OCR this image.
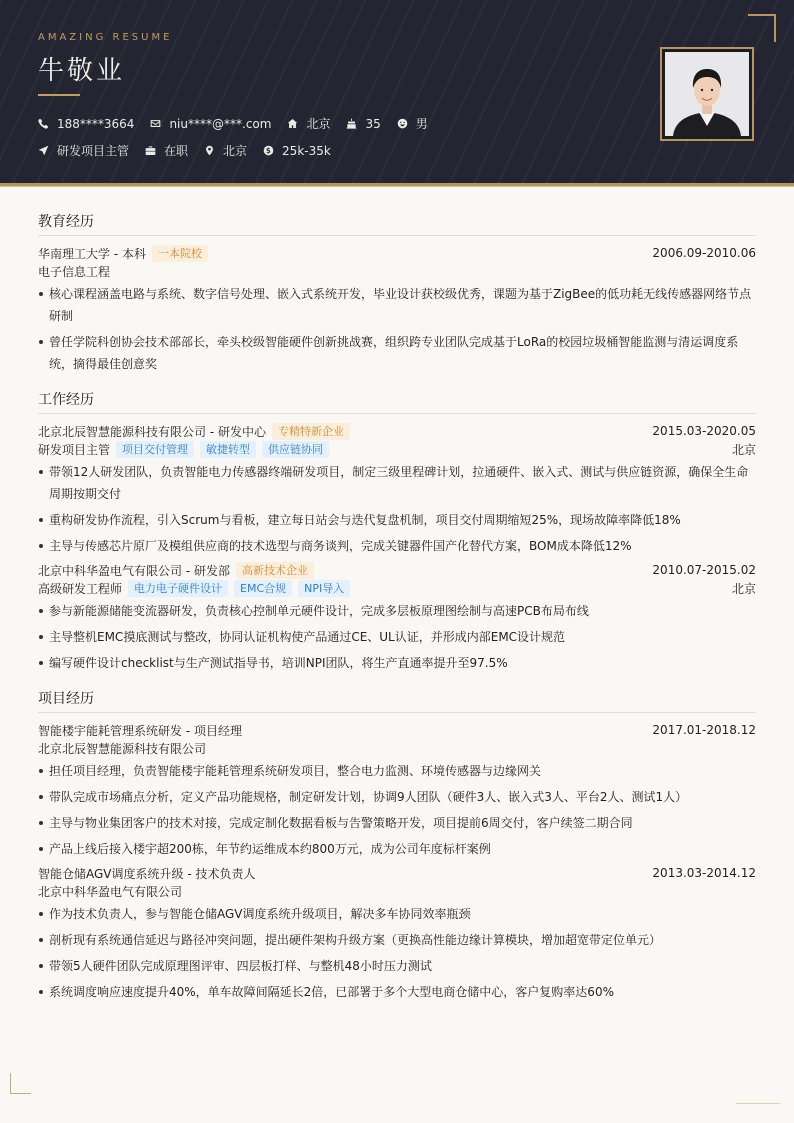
AMAZING RESUME
牛敬业
188****3664	niu****@***.com	北京	35	男
研发项目主管	在职	北京	25k-35k
教育经历
华南理工大学 - 本科	一本院校	2006.09-2010.06
电子信息工程
核心课程涵盖电路与系统、数字信号处理、嵌入式系统开发，毕业设计获校级优秀，课题为基于ZigBee的低功耗无线传感器网络节点研制
曾任学院科创协会技术部部长，牵头校级智能硬件创新挑战赛，组织跨专业团队完成基于LoRa的校园垃圾桶智能监测与清运调度系统，摘得最佳创意奖
工作经历
北京北辰智慧能源科技有限公司 - 研发中心	专精特新企业	2015.03-2020.05
研发项目主管	项目交付管理	敏捷转型	供应链协同	北京
带领12人研发团队，负责智能电力传感器终端研发项目，制定三级里程碑计划，拉通硬件、嵌入式、测试与供应链资源，确保全生命周期按期交付
重构研发协作流程，引入Scrum与看板，建立每日站会与迭代复盘机制，项目交付周期缩短25%，现场故障率降低18%
主导与传感芯片原厂及模组供应商的技术选型与商务谈判，完成关键器件国产化替代方案，BOM成本降低12%
北京中科华盈电气有限公司 - 研发部	高新技术企业	2010.07-2015.02
高级研发工程师	电力电子硬件设计	EMC合规	NPI导入	北京
参与新能源储能变流器研发，负责核心控制单元硬件设计，完成多层板原理图绘制与高速PCB布局布线
主导整机EMC摸底测试与整改，协同认证机构使产品通过CE、UL认证，并形成内部EMC设计规范
编写硬件设计checklist与生产测试指导书，培训NPI团队，将生产直通率提升至97.5%
项目经历
智能楼宇能耗管理系统研发 - 项目经理	2017.01-2018.12
北京北辰智慧能源科技有限公司
担任项目经理，负责智能楼宇能耗管理系统研发项目，整合电力监测、环境传感器与边缘网关
带队完成市场痛点分析，定义产品功能规格，制定研发计划，协调9人团队（硬件3人、嵌入式3人、平台2人、测试1人）
主导与物业集团客户的技术对接，完成定制化数据看板与告警策略开发，项目提前6周交付，客户续签二期合同
产品上线后接入楼宇超200栋，年节约运维成本约800万元，成为公司年度标杆案例
智能仓储AGV调度系统升级 - 技术负责人	2013.03-2014.12
北京中科华盈电气有限公司
作为技术负责人，参与智能仓储AGV调度系统升级项目，解决多车协同效率瓶颈
剖析现有系统通信延迟与路径冲突问题，提出硬件架构升级方案（更换高性能边缘计算模块，增加超宽带定位单元）
带领5人硬件团队完成原理图评审、四层板打样、与整机48小时压力测试
系统调度响应速度提升40%，单车故障间隔延长2倍，已部署于多个大型电商仓储中心，客户复购率达60%
